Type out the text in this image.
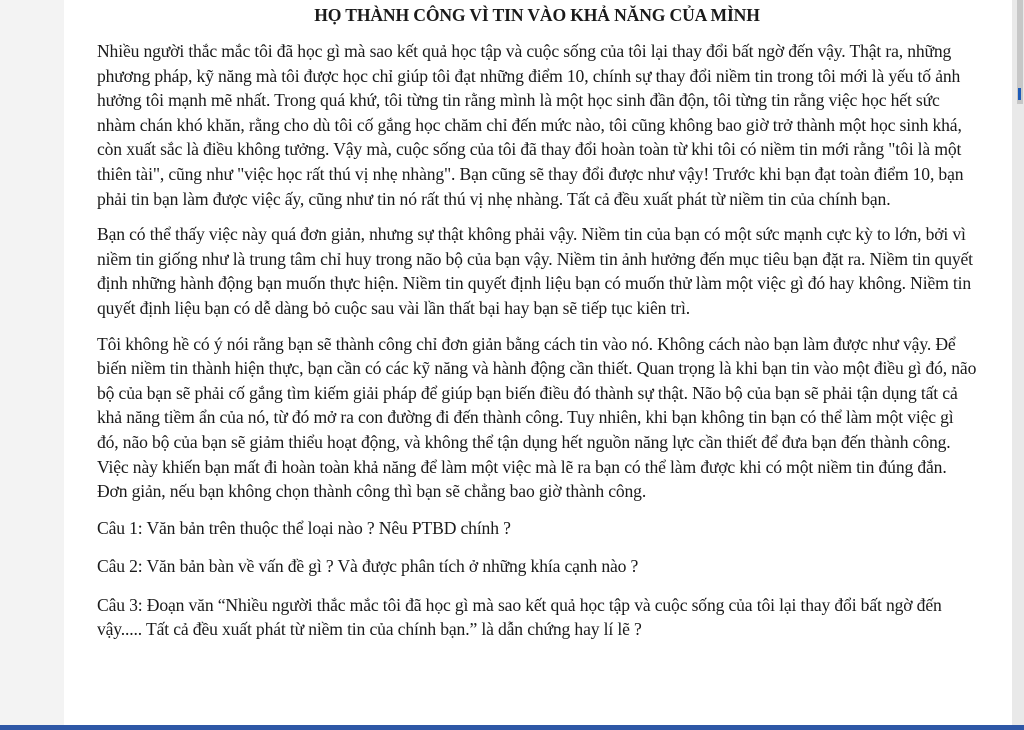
HỌ THÀNH CÔNG VÌ TIN VÀO KHẢ NĂNG CỦA MÌNH

Nhiều người thắc mắc tôi đã học gì mà sao kết quả học tập và cuộc sống của tôi lại thay đổi bất ngờ đến vậy. Thật ra, những phương pháp, kỹ năng mà tôi được học chỉ giúp tôi đạt những điểm 10, chính sự thay đổi niềm tin trong tôi mới là yếu tố ảnh hưởng tôi mạnh mẽ nhất. Trong quá khứ, tôi từng tin rằng mình là một học sinh đần độn, tôi từng tin rằng việc học hết sức nhàm chán khó khăn, rằng cho dù tôi cố gắng học chăm chỉ đến mức nào, tôi cũng không bao giờ trở thành một học sinh khá, còn xuất sắc là điều không tưởng. Vậy mà, cuộc sống của tôi đã thay đổi hoàn toàn từ khi tôi có niềm tin mới rằng "tôi là một thiên tài", cũng như "việc học rất thú vị nhẹ nhàng". Bạn cũng sẽ thay đổi được như vậy! Trước khi bạn đạt toàn điểm 10, bạn phải tin bạn làm được việc ấy, cũng như tin nó rất thú vị nhẹ nhàng. Tất cả đều xuất phát từ niềm tin của chính bạn.

Bạn có thể thấy việc này quá đơn giản, nhưng sự thật không phải vậy. Niềm tin của bạn có một sức mạnh cực kỳ to lớn, bởi vì niềm tin giống như là trung tâm chỉ huy trong não bộ của bạn vậy. Niềm tin ảnh hưởng đến mục tiêu bạn đặt ra. Niềm tin quyết định những hành động bạn muốn thực hiện. Niềm tin quyết định liệu bạn có muốn thử làm một việc gì đó hay không. Niềm tin quyết định liệu bạn có dễ dàng bỏ cuộc sau vài lần thất bại hay bạn sẽ tiếp tục kiên trì.

Tôi không hề có ý nói rằng bạn sẽ thành công chỉ đơn giản bằng cách tin vào nó. Không cách nào bạn làm được như vậy. Để biến niềm tin thành hiện thực, bạn cần có các kỹ năng và hành động cần thiết. Quan trọng là khi bạn tin vào một điều gì đó, não bộ của bạn sẽ phải cố gắng tìm kiếm giải pháp để giúp bạn biến điều đó thành sự thật. Não bộ của bạn sẽ phải tận dụng tất cả khả năng tiềm ẩn của nó, từ đó mở ra con đường đi đến thành công. Tuy nhiên, khi bạn không tin bạn có thể làm một việc gì đó, não bộ của bạn sẽ giảm thiểu hoạt động, và không thể tận dụng hết nguồn năng lực cần thiết để đưa bạn đến thành công. Việc này khiến bạn mất đi hoàn toàn khả năng để làm một việc mà lẽ ra bạn có thể làm được khi có một niềm tin đúng đắn. Đơn giản, nếu bạn không chọn thành công thì bạn sẽ chẳng bao giờ thành công.

Câu 1: Văn bản trên thuộc thể loại nào ? Nêu PTBD chính ?

Câu 2: Văn bản bàn về vấn đề gì ? Và được phân tích ở những khía cạnh nào ?

Câu 3: Đoạn văn “Nhiều người thắc mắc tôi đã học gì mà sao kết quả học tập và cuộc sống của tôi lại thay đổi bất ngờ đến vậy..... Tất cả đều xuất phát từ niềm tin của chính bạn.” là dẫn chứng hay lí lẽ ?
